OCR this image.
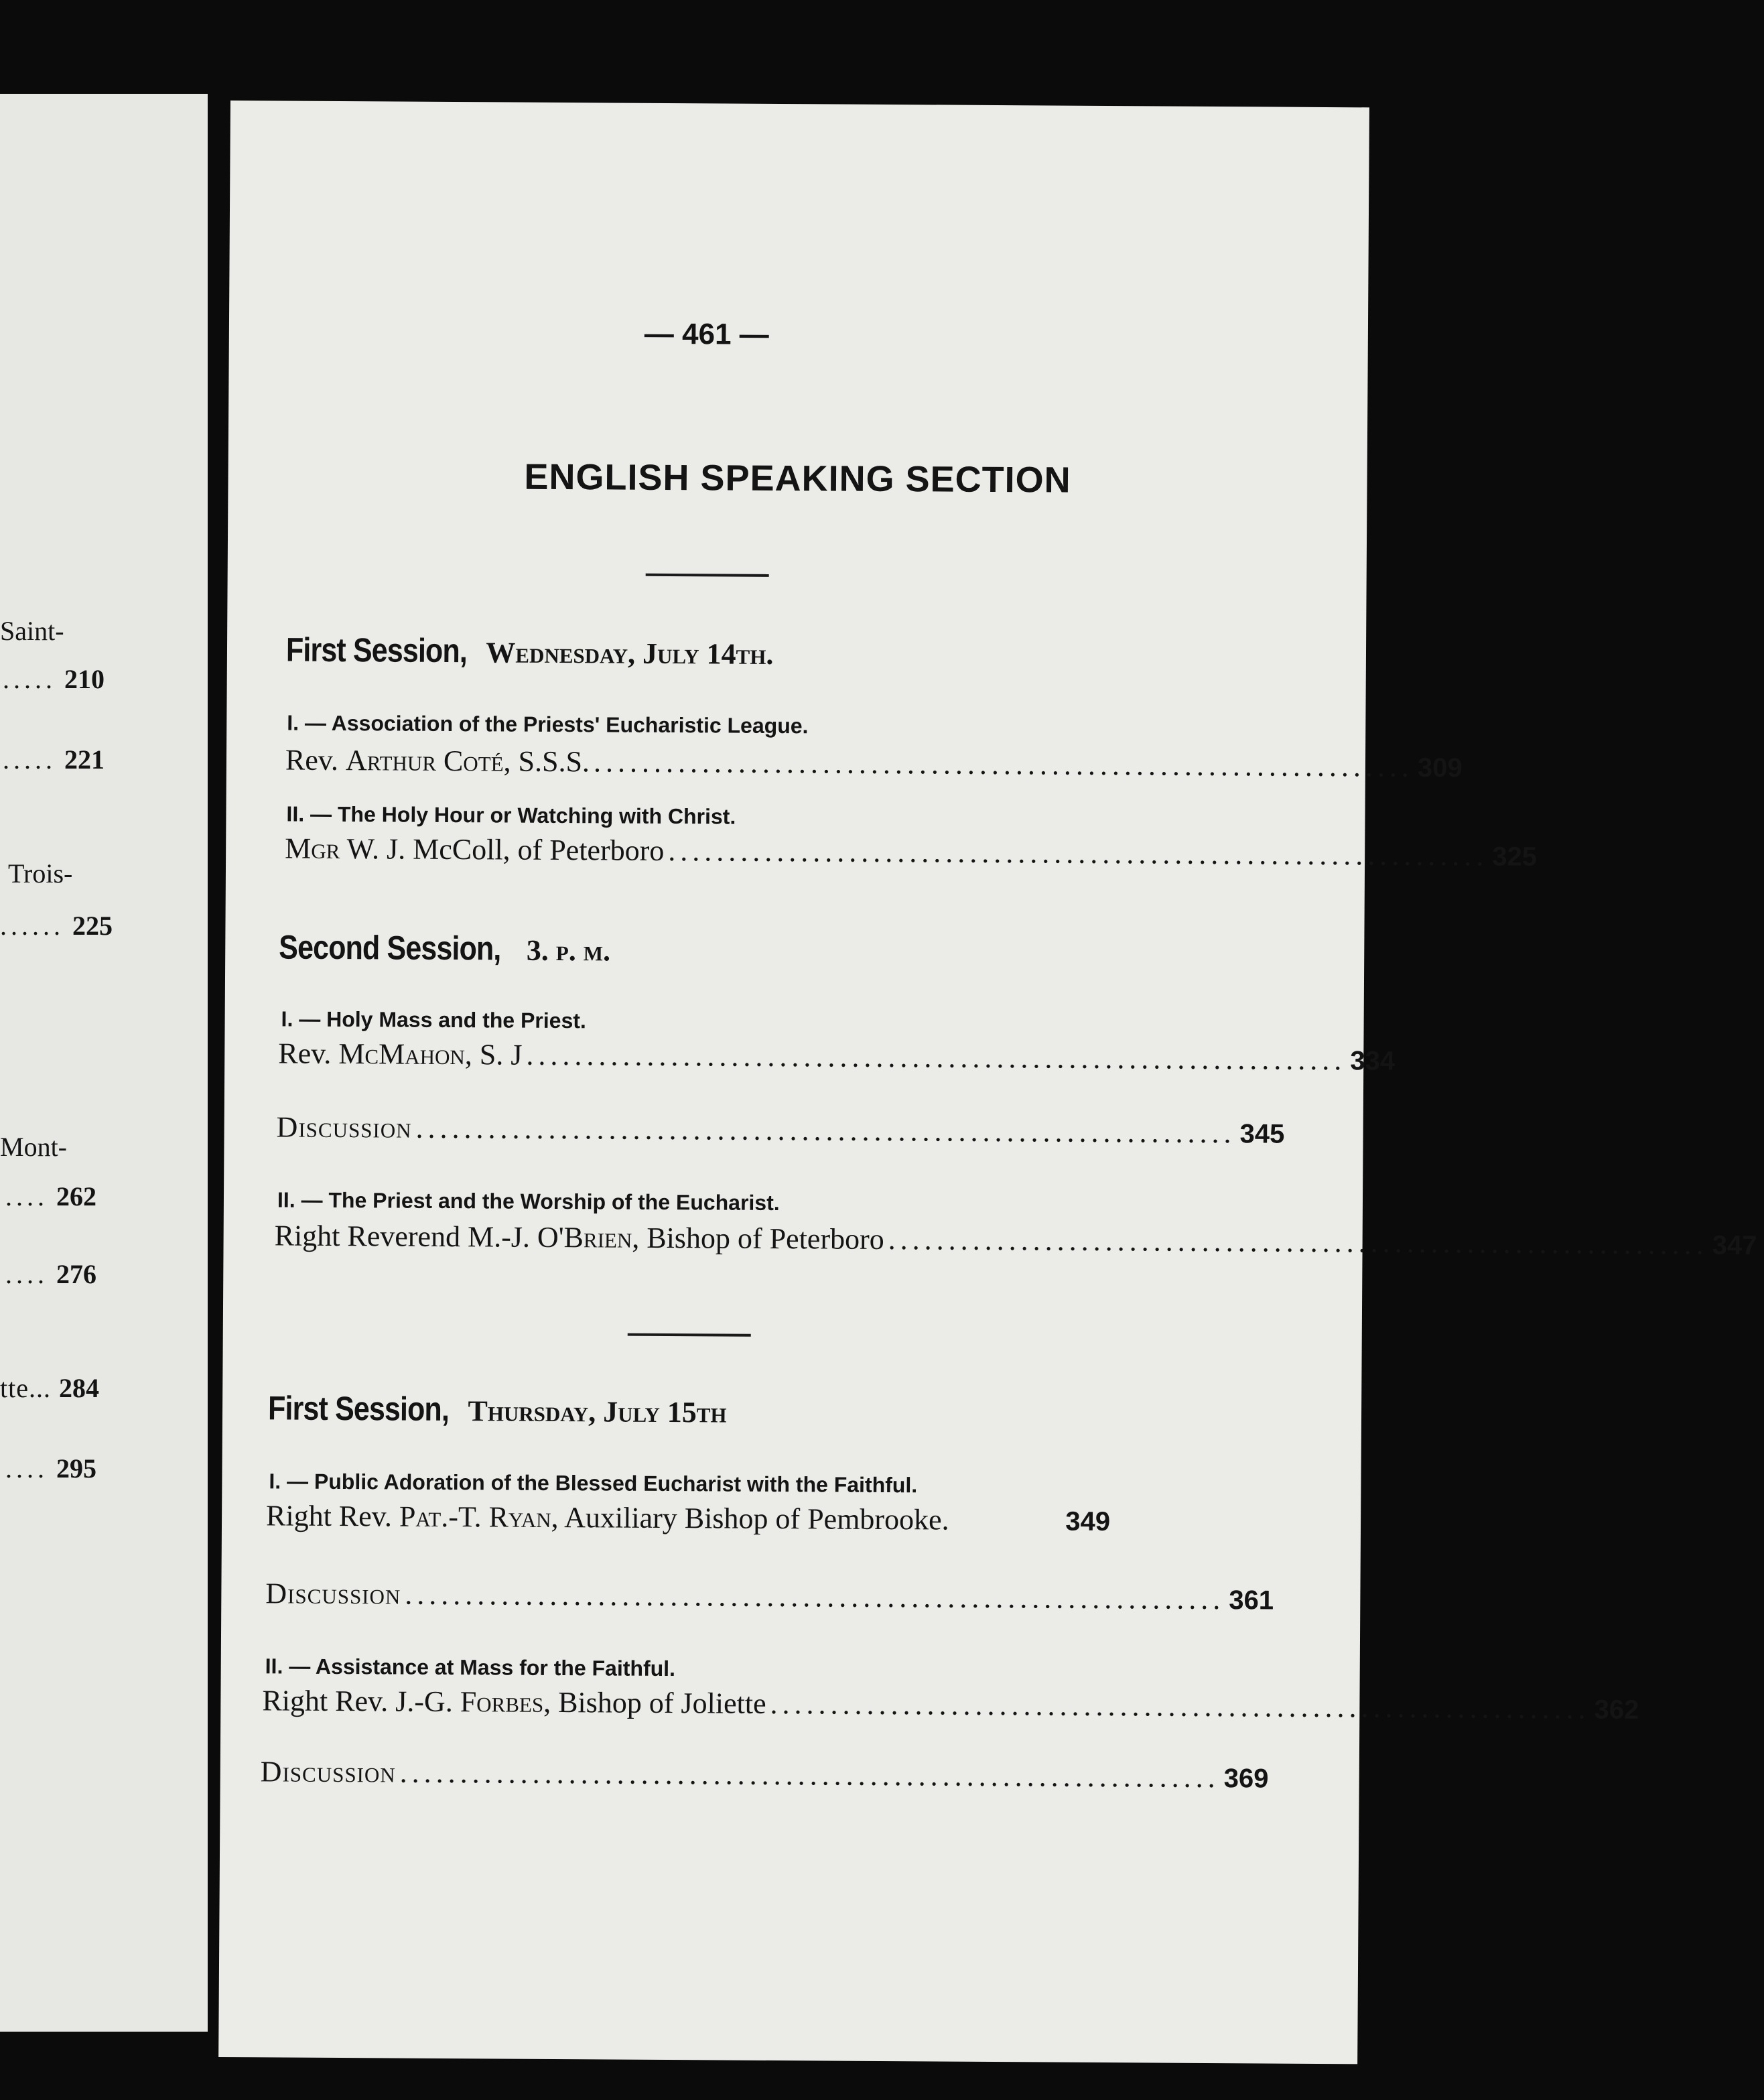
Saint-
..... 210
..... 221
Trois-
...... 225
Mont-
.... 262
.... 276
tte... 284
.... 295
— 461 —
ENGLISH SPEAKING SECTION
First Session, Wednesday, July 14th.
I. — Association of the Priests' Eucharistic League.
Rev. Arthur Coté, S.S.S. .................................................................... 309
II. — The Holy Hour or Watching with Christ.
Mgr W. J. McColl, of Peterboro .................................................................... 325
Second Session, 3. p. m.
I. — Holy Mass and the Priest.
Rev. McMahon, S. J .................................................................... 334
Discussion .................................................................... 345
II. — The Priest and the Worship of the Eucharist.
Right Reverend M.-J. O'Brien, Bishop of Peterboro .................................................................... 347
First Session, Thursday, July 15th
I. — Public Adoration of the Blessed Eucharist with the Faithful.
Right Rev. Pat.-T. Ryan, Auxiliary Bishop of Pembrooke.	349
Discussion .................................................................... 361
II. — Assistance at Mass for the Faithful.
Right Rev. J.-G. Forbes, Bishop of Joliette .................................................................... 362
Discussion .................................................................... 369
